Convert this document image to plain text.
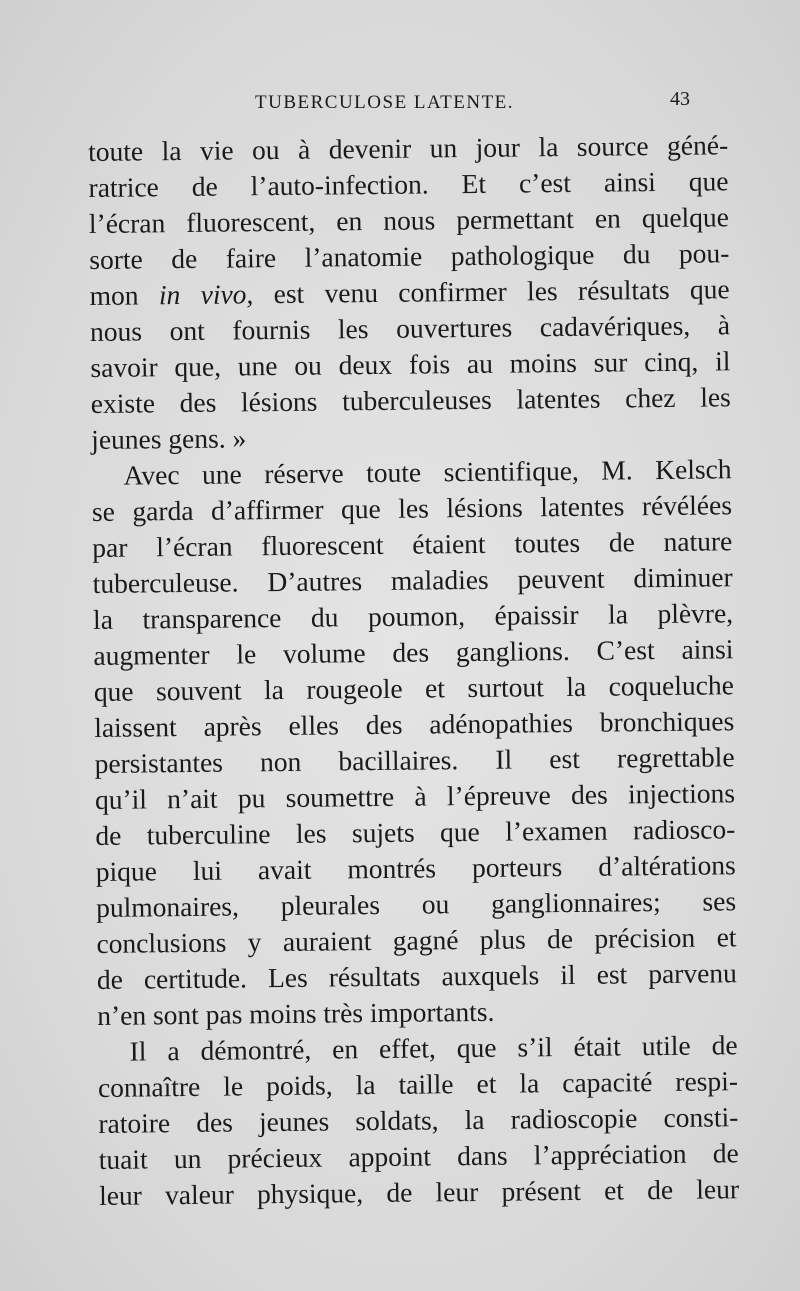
TUBERCULOSE LATENTE.	43
toute la vie ou à devenir un jour la source géné-
ratrice de l’auto-infection. Et c’est ainsi que
l’écran fluorescent, en nous permettant en quelque
sorte de faire l’anatomie pathologique du pou-
mon in vivo, est venu confirmer les résultats que
nous ont fournis les ouvertures cadavériques, à
savoir que, une ou deux fois au moins sur cinq, il
existe des lésions tuberculeuses latentes chez les
jeunes gens. »
Avec une réserve toute scientifique, M. Kelsch
se garda d’affirmer que les lésions latentes révélées
par l’écran fluorescent étaient toutes de nature
tuberculeuse. D’autres maladies peuvent diminuer
la transparence du poumon, épaissir la plèvre,
augmenter le volume des ganglions. C’est ainsi
que souvent la rougeole et surtout la coqueluche
laissent après elles des adénopathies bronchiques
persistantes non bacillaires. Il est regrettable
qu’il n’ait pu soumettre à l’épreuve des injections
de tuberculine les sujets que l’examen radiosco-
pique lui avait montrés porteurs d’altérations
pulmonaires, pleurales ou ganglionnaires; ses
conclusions y auraient gagné plus de précision et
de certitude. Les résultats auxquels il est parvenu
n’en sont pas moins très importants.
Il a démontré, en effet, que s’il était utile de
connaître le poids, la taille et la capacité respi-
ratoire des jeunes soldats, la radioscopie consti-
tuait un précieux appoint dans l’appréciation de
leur valeur physique, de leur présent et de leur
